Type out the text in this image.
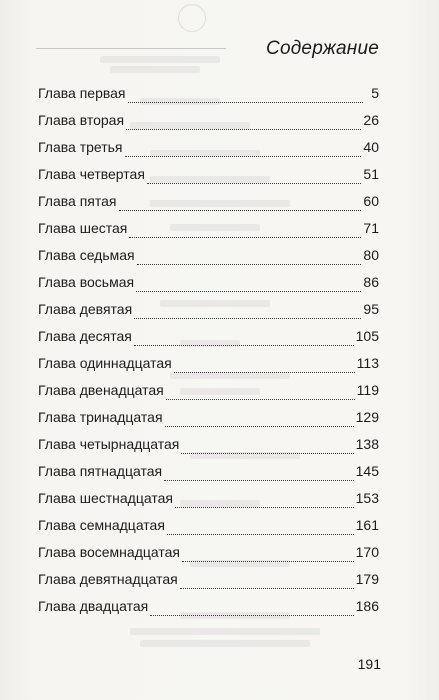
Содержание
Глава первая	5
Глава вторая	26
Глава третья	40
Глава четвертая	51
Глава пятая	60
Глава шестая	71
Глава седьмая	80
Глава восьмая	86
Глава девятая	95
Глава десятая	105
Глава одиннадцатая	113
Глава двенадцатая	119
Глава тринадцатая	129
Глава четырнадцатая	138
Глава пятнадцатая	145
Глава шестнадцатая	153
Глава семнадцатая	161
Глава восемнадцатая	170
Глава девятнадцатая	179
Глава двадцатая	186
191
